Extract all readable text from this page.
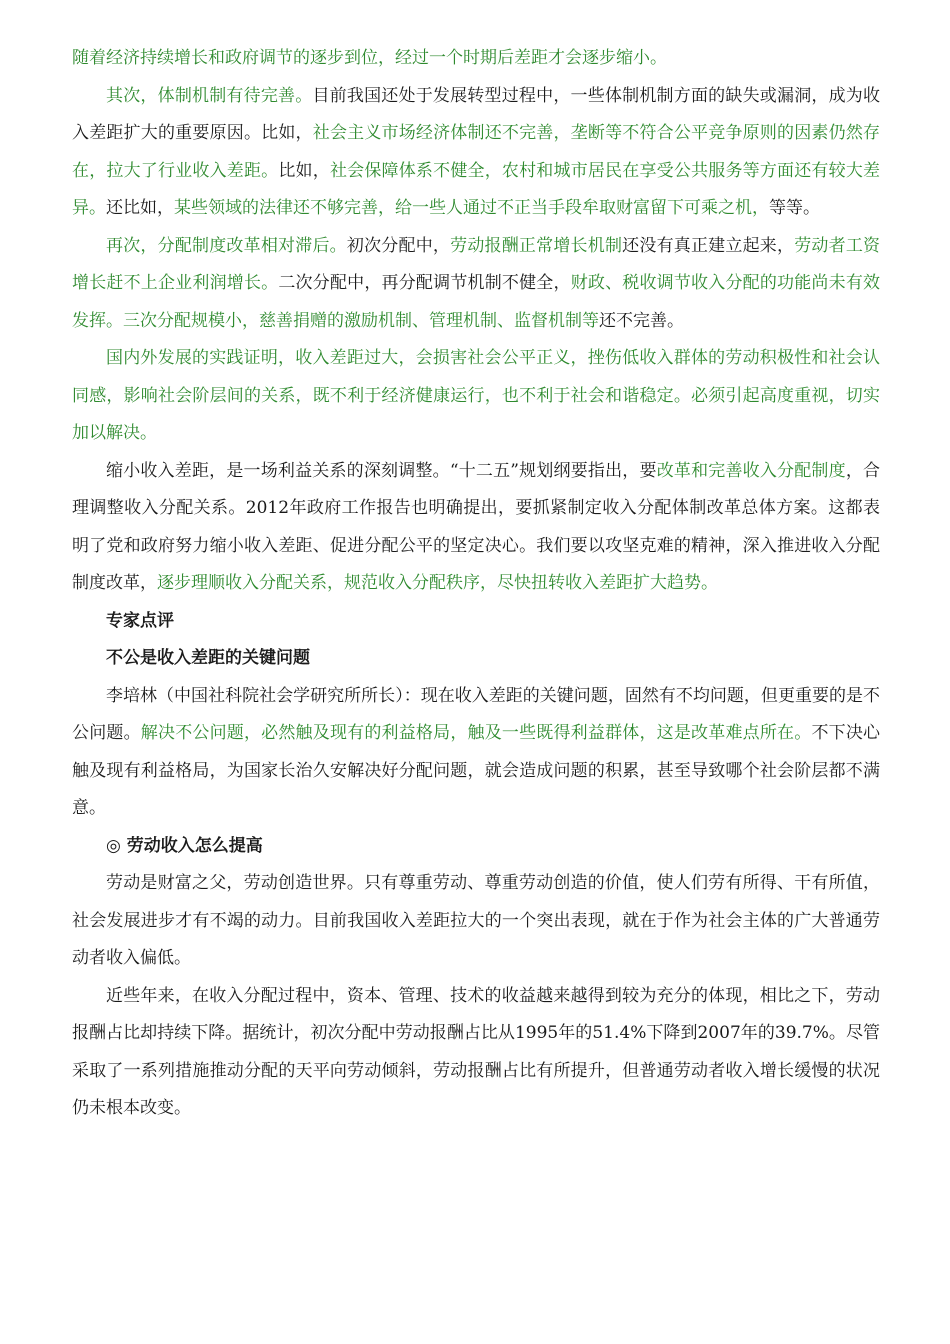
随着经济持续增长和政府调节的逐步到位，经过一个时期后差距才会逐步缩小。

其次，体制机制有待完善。目前我国还处于发展转型过程中，一些体制机制方面的缺失或漏洞，成为收入差距扩大的重要原因。比如，社会主义市场经济体制还不完善，垄断等不符合公平竞争原则的因素仍然存在，拉大了行业收入差距。比如，社会保障体系不健全，农村和城市居民在享受公共服务等方面还有较大差异。还比如，某些领域的法律还不够完善，给一些人通过不正当手段牟取财富留下可乘之机，等等。

再次，分配制度改革相对滞后。初次分配中，劳动报酬正常增长机制还没有真正建立起来，劳动者工资增长赶不上企业利润增长。二次分配中，再分配调节机制不健全，财政、税收调节收入分配的功能尚未有效发挥。三次分配规模小，慈善捐赠的激励机制、管理机制、监督机制等还不完善。

国内外发展的实践证明，收入差距过大，会损害社会公平正义，挫伤低收入群体的劳动积极性和社会认同感，影响社会阶层间的关系，既不利于经济健康运行，也不利于社会和谐稳定。必须引起高度重视，切实加以解决。

缩小收入差距，是一场利益关系的深刻调整。“十二五”规划纲要指出，要改革和完善收入分配制度，合理调整收入分配关系。2012年政府工作报告也明确提出，要抓紧制定收入分配体制改革总体方案。这都表明了党和政府努力缩小收入差距、促进分配公平的坚定决心。我们要以攻坚克难的精神，深入推进收入分配制度改革，逐步理顺收入分配关系，规范收入分配秩序，尽快扭转收入差距扩大趋势。

专家点评

不公是收入差距的关键问题

李培林（中国社科院社会学研究所所长）：现在收入差距的关键问题，固然有不均问题，但更重要的是不公问题。解决不公问题，必然触及现有的利益格局，触及一些既得利益群体，这是改革难点所在。不下决心触及现有利益格局，为国家长治久安解决好分配问题，就会造成问题的积累，甚至导致哪个社会阶层都不满意。

◎ 劳动收入怎么提高

劳动是财富之父，劳动创造世界。只有尊重劳动、尊重劳动创造的价值，使人们劳有所得、干有所值，社会发展进步才有不竭的动力。目前我国收入差距拉大的一个突出表现，就在于作为社会主体的广大普通劳动者收入偏低。

近些年来，在收入分配过程中，资本、管理、技术的收益越来越得到较为充分的体现，相比之下，劳动报酬占比却持续下降。据统计，初次分配中劳动报酬占比从1995年的51.4%下降到2007年的39.7%。尽管采取了一系列措施推动分配的天平向劳动倾斜，劳动报酬占比有所提升，但普通劳动者收入增长缓慢的状况仍未根本改变。
